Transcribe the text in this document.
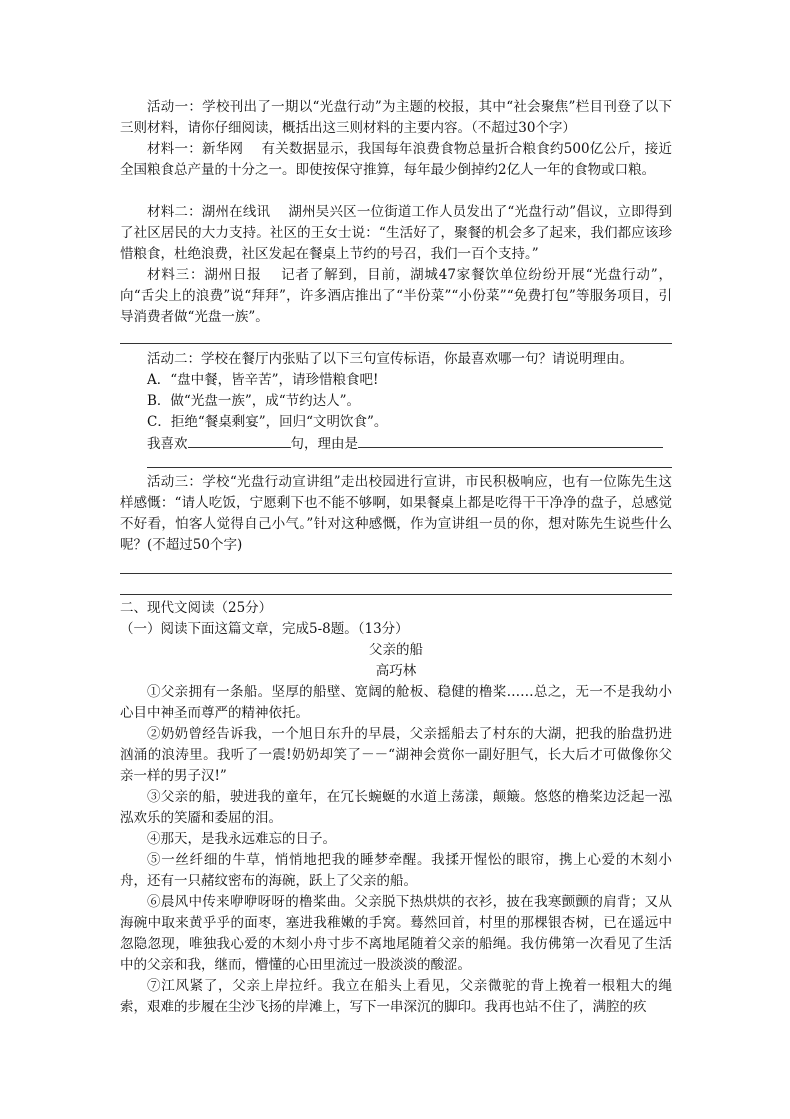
活动一：学校刊出了一期以“光盘行动”为主题的校报，其中“社会聚焦”栏目刊登了以下三则材料，请你仔细阅读，概括出这三则材料的主要内容。（不超过30个字）

材料一：新华网　 有关数据显示，我国每年浪费食物总量折合粮食约500亿公斤，接近全国粮食总产量的十分之一。即使按保守推算，每年最少倒掉约2亿人一年的食物或口粮。

材料二：湖州在线讯　 湖州吴兴区一位街道工作人员发出了“光盘行动”倡议，立即得到了社区居民的大力支持。社区的王女士说：“生活好了，聚餐的机会多了起来，我们都应该珍惜粮食，杜绝浪费，社区发起在餐桌上节约的号召，我们一百个支持。”

材料三：湖州日报　 记者了解到，目前，湖城47家餐饮单位纷纷开展“光盘行动”，向“舌尖上的浪费”说“拜拜”，许多酒店推出了“半份菜”“小份菜”“免费打包”等服务项目，引导消费者做“光盘一族”。

活动二：学校在餐厅内张贴了以下三句宣传标语，你最喜欢哪一句？请说明理由。

A．“盘中餐，皆辛苦”，请珍惜粮食吧!

B．做“光盘一族”，成“节约达人”。

C．拒绝“餐桌剩宴”，回归“文明饮食”。

我喜欢	句，理由是

活动三：学校“光盘行动宣讲组”走出校园进行宣讲，市民积极响应，也有一位陈先生这样感慨：“请人吃饭，宁愿剩下也不能不够啊，如果餐桌上都是吃得干干净净的盘子，总感觉不好看，怕客人觉得自己小气。”针对这种感慨，作为宣讲组一员的你，想对陈先生说些什么呢？(不超过50个字)

二、现代文阅读（25分）

（一）阅读下面这篇文章，完成5-8题。（13分）

父亲的船

高巧林

①父亲拥有一条船。坚厚的船壁、宽阔的舱板、稳健的橹桨……总之，无一不是我幼小心目中神圣而尊严的精神依托。

②奶奶曾经告诉我，一个旭日东升的早晨，父亲摇船去了村东的大湖，把我的胎盘扔进汹涌的浪涛里。我听了一震!奶奶却笑了－－“湖神会赏你一副好胆气，长大后才可做像你父亲一样的男子汉!”

③父亲的船，驶进我的童年，在冗长蜿蜒的水道上荡漾，颠簸。悠悠的橹桨边泛起一泓泓欢乐的笑靥和委屈的泪。

④那天，是我永远难忘的日子。

⑤一丝纤细的牛草，悄悄地把我的睡梦牵醒。我揉开惺忪的眼帘，携上心爱的木刻小舟，还有一只赭纹密布的海碗，跃上了父亲的船。

⑥晨风中传来咿咿呀呀的橹桨曲。父亲脱下热烘烘的衣衫，披在我寒颤颤的肩背；又从海碗中取来黄乎乎的面枣，塞进我稚嫩的手窝。蓦然回首，村里的那棵银杏树，已在遥远中忽隐忽现，唯独我心爱的木刻小舟寸步不离地尾随着父亲的船绳。我仿佛第一次看见了生活中的父亲和我，继而，懵懂的心田里流过一股淡淡的酸涩。

⑦江风紧了，父亲上岸拉纤。我立在船头上看见，父亲微驼的背上挽着一根粗大的绳索，艰难的步履在尘沙飞扬的岸滩上，写下一串深沉的脚印。我再也站不住了，满腔的疚
